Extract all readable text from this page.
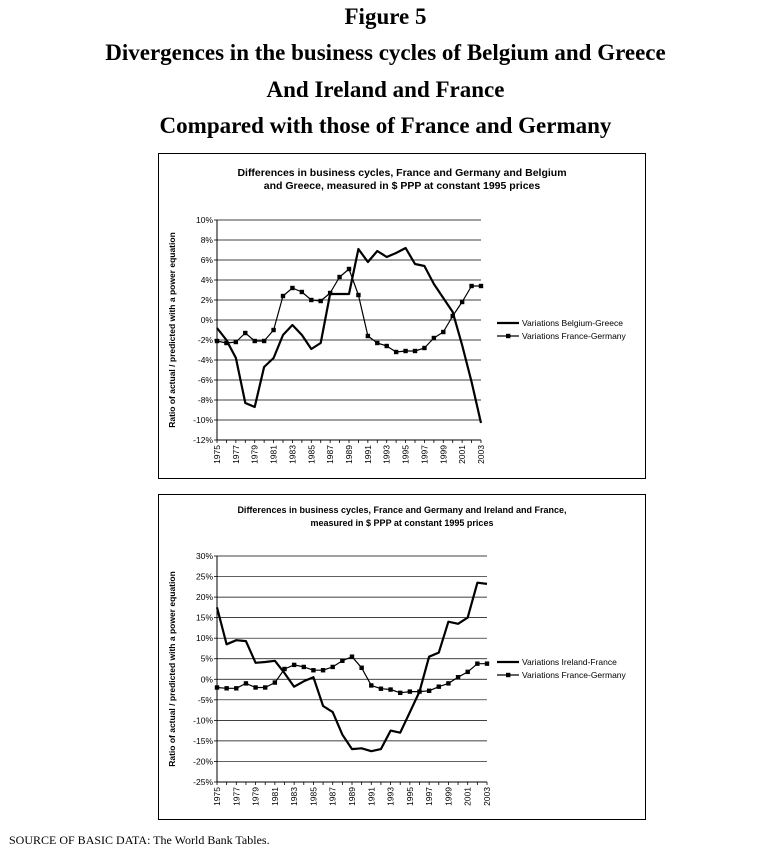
Figure 5
Divergences in the business cycles of Belgium and Greece
And Ireland and France
Compared with those of France and Germany
Differences in business cycles, France and Germany and Belgium
and Greece, measured in $ PPP at constant 1995 prices
-12%
-10%
-8%
-6%
-4%
-2%
0%
2%
4%
6%
8%
10%
1975 1977 1979 1981 1983 1985 1987 1989 1991 1993 1995 1997 1999 2001 2003
Ratio of actual / predicted with a power equation	Variations Belgium-Greece
Variations France-Germany
Differences in business cycles, France and Germany and Ireland and France,
measured in $ PPP at constant 1995 prices
-25%
-20%
-15%
-10%
-5%
0%
5%
10%
15%
20%
25%
30%
1975 1977 1979 1981 1983 1985 1987 1989 1991 1993 1995 1997 1999 2001 2003
Ratio of actual / predicted with a power equation	Variations Ireland-France
Variations France-Germany
SOURCE OF BASIC DATA: The World Bank Tables.
